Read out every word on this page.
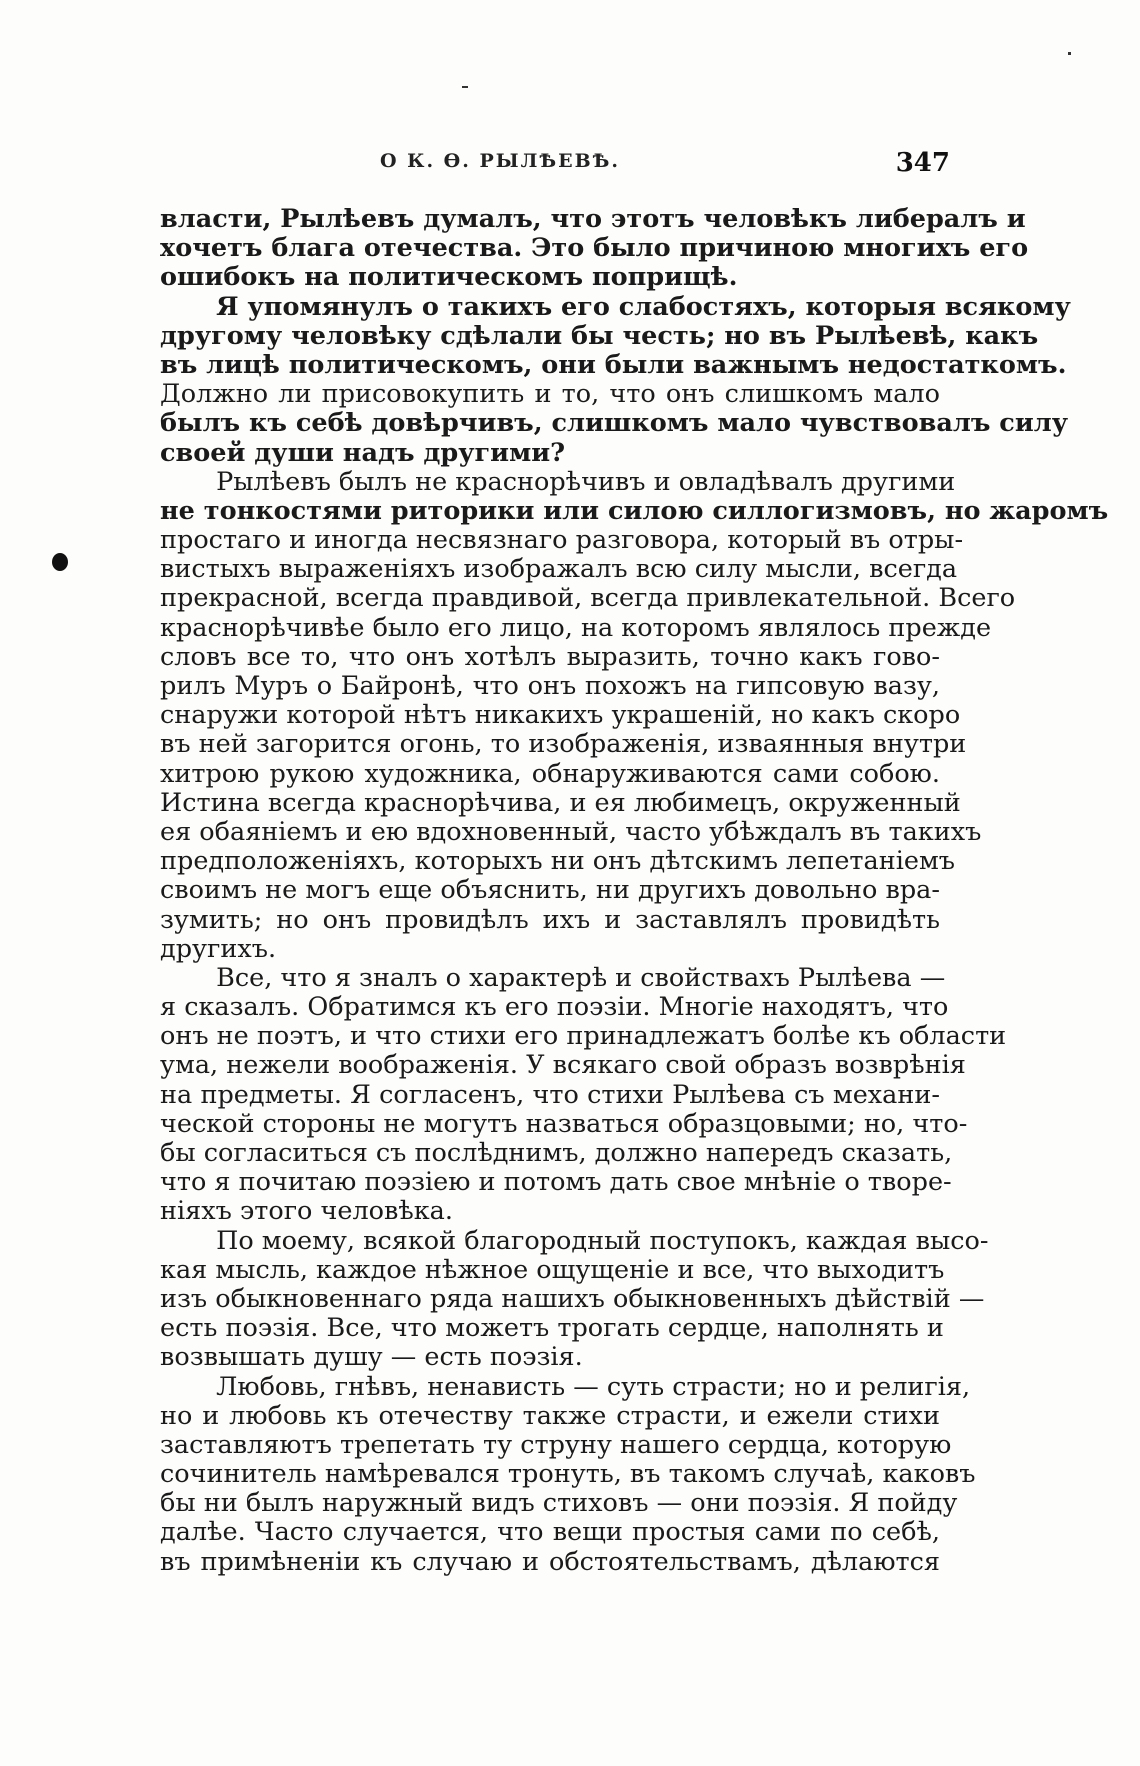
О К. Ө. РЫЛѢЕВѢ.	347
власти, Рылѣевъ думалъ, что этотъ человѣкъ либералъ и
хочетъ блага отечества. Это было причиною многихъ его
ошибокъ на политическомъ поприщѣ.
Я упомянулъ о такихъ его слабостяхъ, которыя всякому
другому человѣку сдѣлали бы честь; но въ Рылѣевѣ, какъ
въ лицѣ политическомъ, они были важнымъ недостаткомъ.
Должно ли присовокупить и то, что онъ слишкомъ мало
былъ къ себѣ довѣрчивъ, слишкомъ мало чувствовалъ силу
своей души надъ другими?
Рылѣевъ былъ не краснорѣчивъ и овладѣвалъ другими
не тонкостями риторики или силою силлогизмовъ, но жаромъ
простаго и иногда несвязнаго разговора, который въ отры-
вистыхъ выраженіяхъ изображалъ всю силу мысли, всегда
прекрасной, всегда правдивой, всегда привлекательной. Всего
краснорѣчивѣе было его лицо, на которомъ являлось прежде
словъ все то, что онъ хотѣлъ выразить, точно какъ гово-
рилъ Муръ о Байронѣ, что онъ похожъ на гипсовую вазу,
снаружи которой нѣтъ никакихъ украшеній, но какъ скоро
въ ней загорится огонь, то изображенія, изваянныя внутри
хитрою рукою художника, обнаруживаются сами собою.
Истина всегда краснорѣчива, и ея любимецъ, окруженный
ея обаяніемъ и ею вдохновенный, часто убѣждалъ въ такихъ
предположеніяхъ, которыхъ ни онъ дѣтскимъ лепетаніемъ
своимъ не могъ еще объяснить, ни другихъ довольно вра-
зумить; но онъ провидѣлъ ихъ и заставлялъ провидѣть
другихъ.
Все, что я зналъ о характерѣ и свойствахъ Рылѣева —
я сказалъ. Обратимся къ его поэзіи. Многіе находятъ, что
онъ не поэтъ, и что стихи его принадлежатъ болѣе къ области
ума, нежели воображенія. У всякаго свой образъ возврѣнія
на предметы. Я согласенъ, что стихи Рылѣева съ механи-
ческой стороны не могутъ назваться образцовыми; но, что-
бы согласиться съ послѣднимъ, должно напередъ сказать,
что я почитаю поэзіею и потомъ дать свое мнѣніе о творе-
ніяхъ этого человѣка.
По моему, всякой благородный поступокъ, каждая высо-
кая мысль, каждое нѣжное ощущеніе и все, что выходитъ
изъ обыкновеннаго ряда нашихъ обыкновенныхъ дѣйствій —
есть поэзія. Все, что можетъ трогать сердце, наполнять и
возвышать душу — есть поэзія.
Любовь, гнѣвъ, ненависть — суть страсти; но и религія,
но и любовь къ отечеству также страсти, и ежели стихи
заставляютъ трепетать ту струну нашего сердца, которую
сочинитель намѣревался тронуть, въ такомъ случаѣ, каковъ
бы ни былъ наружный видъ стиховъ — они поэзія. Я пойду
далѣе. Часто случается, что вещи простыя сами по себѣ,
въ примѣненіи къ случаю и обстоятельствамъ, дѣлаются
